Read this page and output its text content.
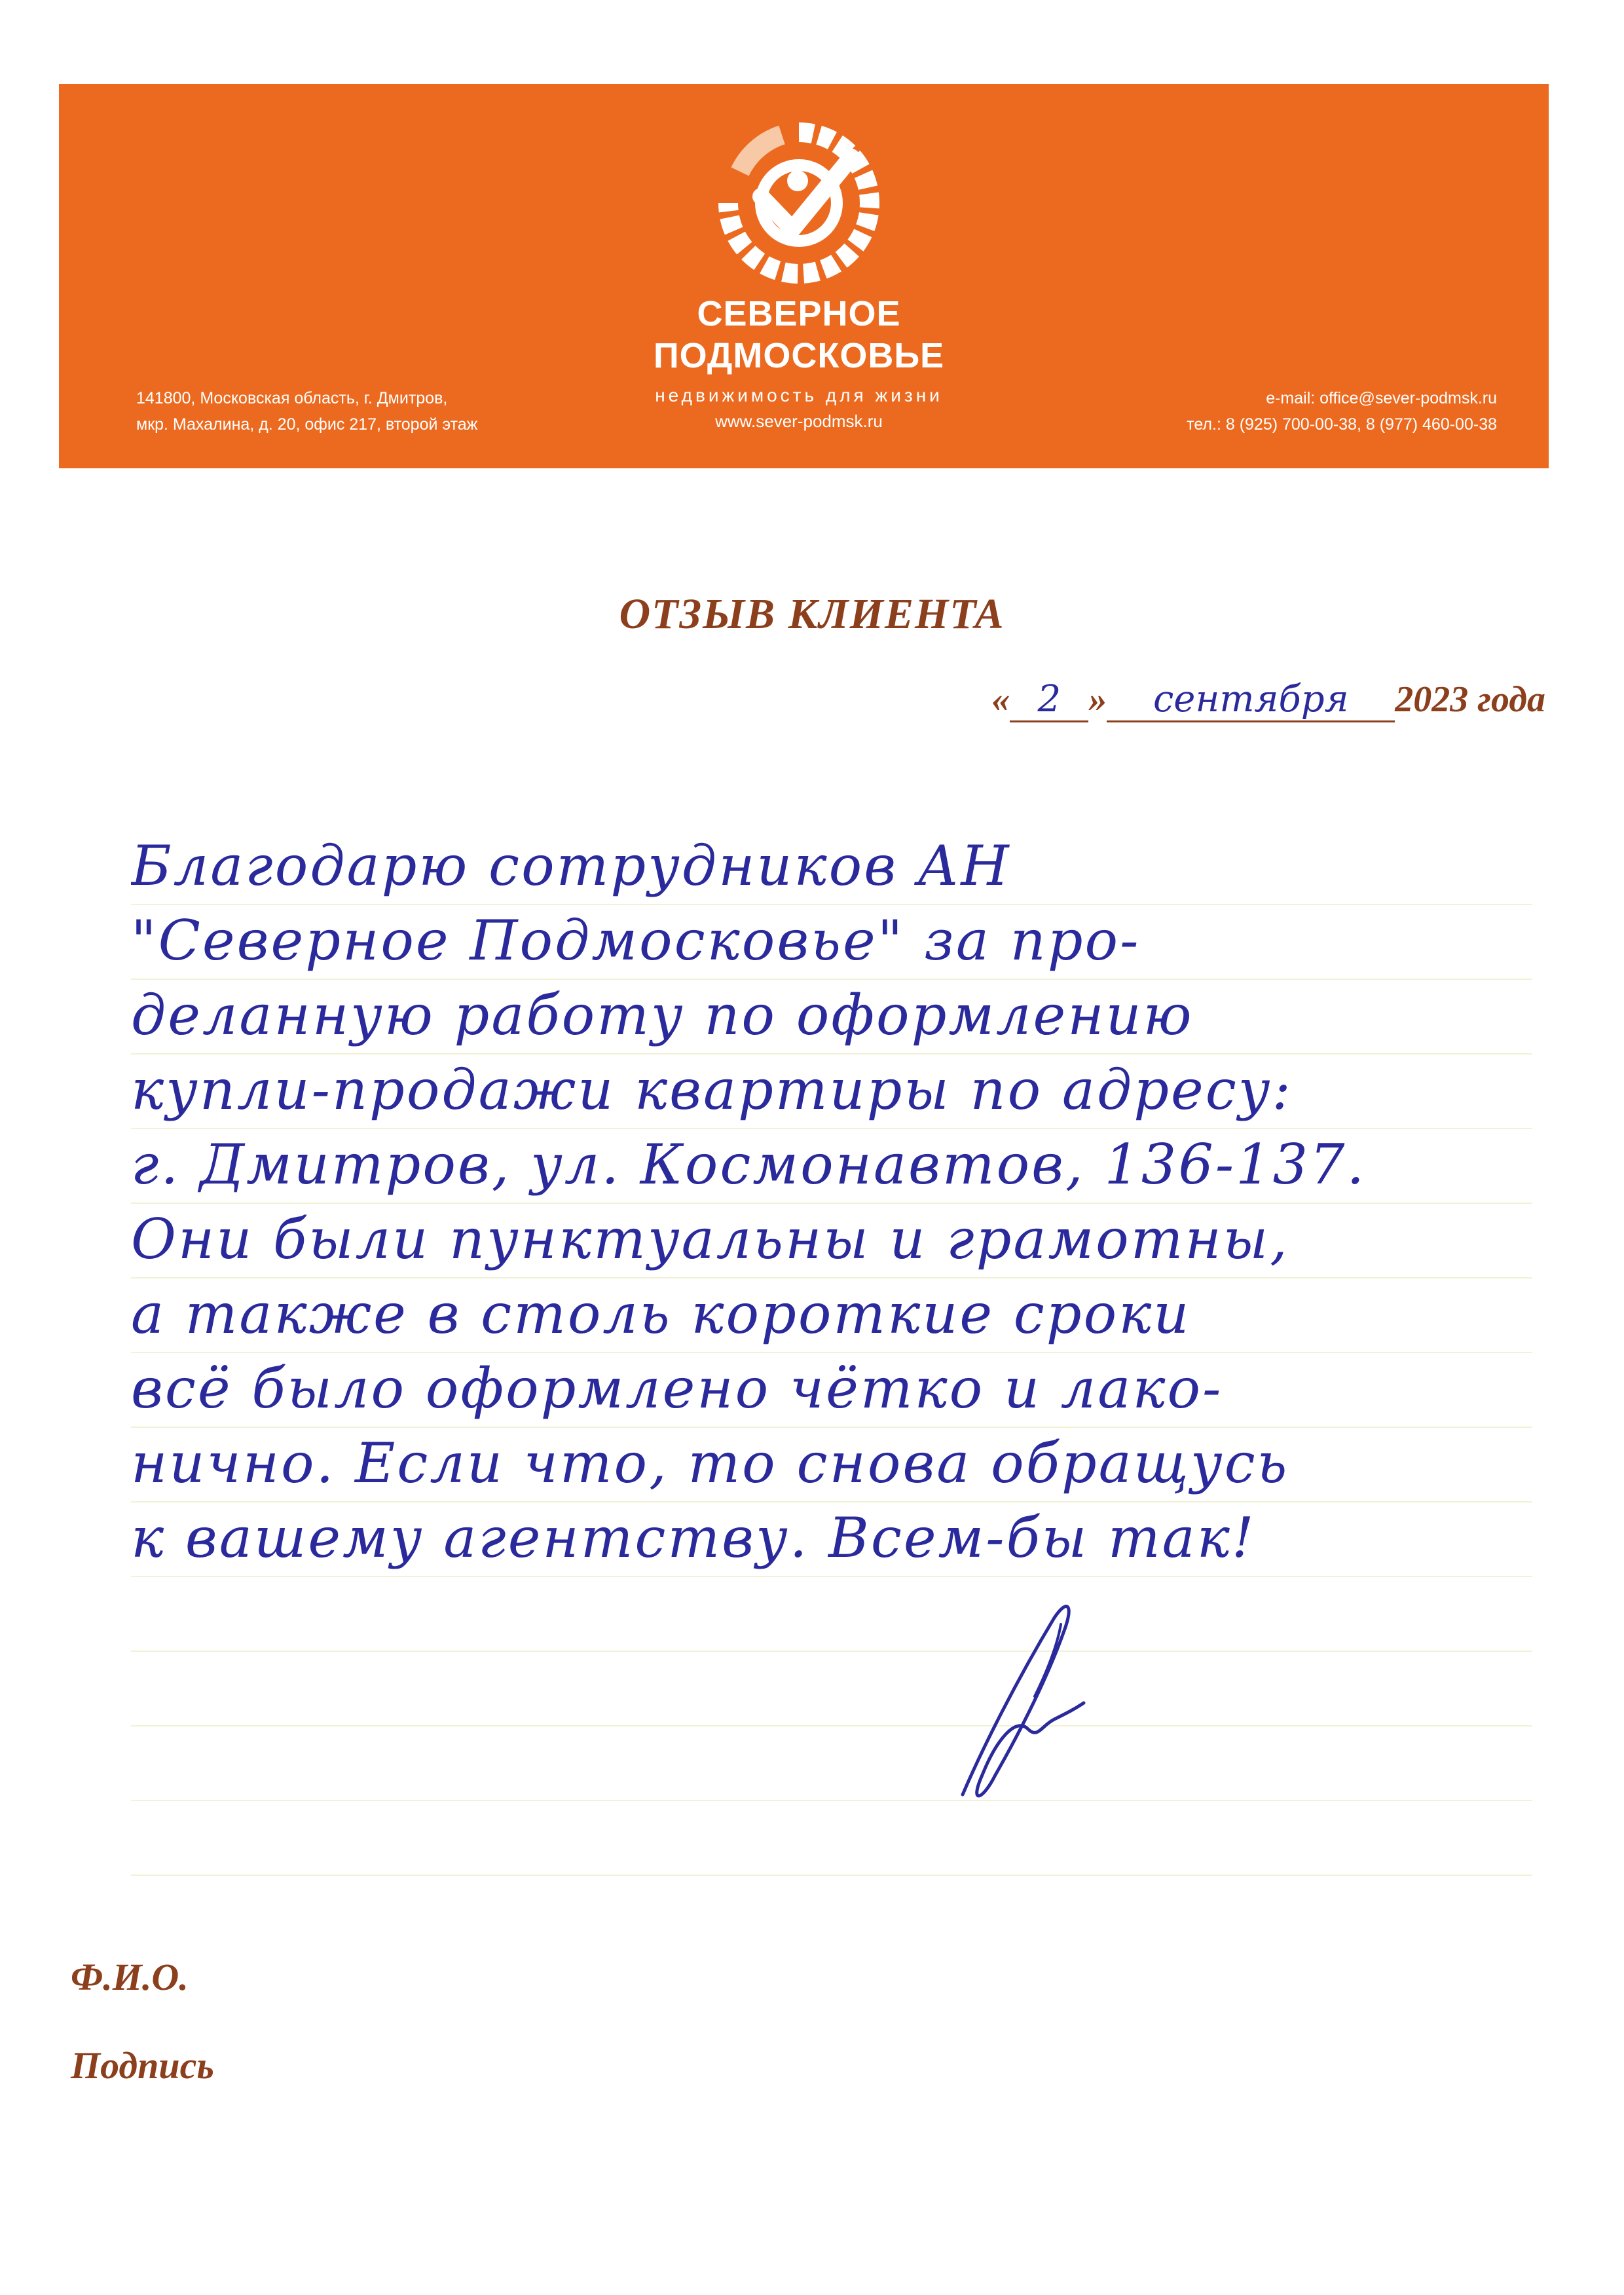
СЕВЕРНОЕ
ПОДМОСКОВЬЕ
недвижимость для жизни
www.sever-podmsk.ru
141800, Московская область, г. Дмитров,
мкр. Махалина, д. 20, офис 217, второй этаж
e-mail: office@sever-podmsk.ru
тел.: 8 (925) 700-00-38, 8 (977) 460-00-38
ОТЗЫВ КЛИЕНТА
« 2 » сентября 2023 года
Благодарю сотрудников АН
"Северное Подмосковье" за про-
деланную работу по оформлению
купли-продажи квартиры по адресу:
г. Дмитров, ул. Космонавтов, 136-137.
Они были пунктуальны и грамотны,
а также в столь короткие сроки
всё было оформлено чётко и лако-
нично. Если что, то снова обращусь
к вашему агентству. Всем-бы так!
Ф.И.О.
Подпись
